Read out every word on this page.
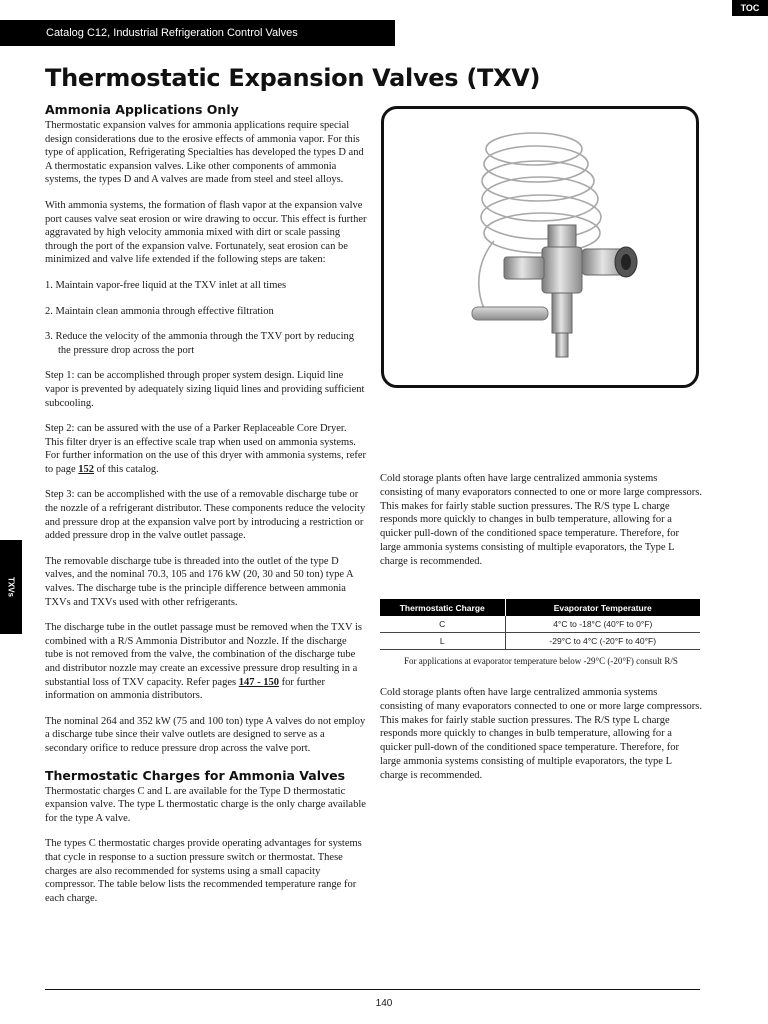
TOC
Catalog C12, Industrial Refrigeration Control Valves
TXVs
Thermostatic Expansion Valves (TXV)
Ammonia Applications Only

Thermostatic expansion valves for ammonia applications require special design considerations due to the erosive effects of ammonia vapor. For this type of application, Refrigerating Specialties has developed the types D and A thermostatic expansion valves. Like other components of ammonia systems, the types D and A valves are made from steel and steel alloys.

With ammonia systems, the formation of flash vapor at the expansion valve port causes valve seat erosion or wire drawing to occur. This effect is further aggravated by high velocity ammonia mixed with dirt or scale passing through the port of the expansion valve. Fortunately, seat erosion can be minimized and valve life extended if the following steps are taken:

1. Maintain vapor-free liquid at the TXV inlet at all times

2. Maintain clean ammonia through effective filtration

3. Reduce the velocity of the ammonia through the TXV port by reducing the pressure drop across the port

Step 1: can be accomplished through proper system design. Liquid line vapor is prevented by adequately sizing liquid lines and providing sufficient subcooling.

Step 2: can be assured with the use of a Parker Replaceable Core Dryer. This filter dryer is an effective scale trap when used on ammonia systems. For further information on the use of this dryer with ammonia systems, refer to page 152 of this catalog.

Step 3: can be accomplished with the use of a removable discharge tube or the nozzle of a refrigerant distributor. These components reduce the velocity and pressure drop at the expansion valve port by introducing a restriction or added pressure drop in the valve outlet passage.

The removable discharge tube is threaded into the outlet of the type D valves, and the nominal 70.3, 105 and 176 kW (20, 30 and 50 ton) type A valves. The discharge tube is the principle difference between ammonia TXVs and TXVs used with other refrigerants.

The discharge tube in the outlet passage must be removed when the TXV is combined with a R/S Ammonia Distributor and Nozzle. If the discharge tube is not removed from the valve, the combination of the discharge tube and distributor nozzle may create an excessive pressure drop resulting in a substantial loss of TXV capacity. Refer pages 147 - 150 for further information on ammonia distributors.

The nominal 264 and 352 kW (75 and 100 ton) type A valves do not employ a discharge tube since their valve outlets are designed to serve as a secondary orifice to reduce pressure drop across the valve port.

Thermostatic Charges for Ammonia Valves

Thermostatic charges C and L are available for the Type D thermostatic expansion valve. The type L thermostatic charge is the only charge available for the type A valve.

The types C thermostatic charges provide operating advantages for systems that cycle in response to a suction pressure switch or thermostat. These charges are also recommended for systems using a small capacity compressor. The table below lists the recommended temperature range for each charge.

Cold storage plants often have large centralized ammonia systems consisting of many evaporators connected to one or more large compressors. This makes for fairly stable suction pressures. The R/S type L charge responds more quickly to changes in bulb temperature, allowing for a quicker pull-down of the conditioned space temperature. Therefore, for large ammonia systems consisting of multiple evaporators, the Type L charge is recommended.

Thermostatic Charge	Evaporator Temperature
C	4°C to -18°C (40°F to 0°F)
L	-29°C to 4°C (-20°F to 40°F)
For applications at evaporator temperature below -29°C (-20°F) consult R/S

Cold storage plants often have large centralized ammonia systems consisting of many evaporators connected to one or more large compressors. This makes for fairly stable suction pressures. The R/S type L charge responds more quickly to changes in bulb temperature, allowing for a quicker pull-down of the conditioned space temperature. Therefore, for large ammonia systems consisting of multiple evaporators, the type L charge is recommended.

140
